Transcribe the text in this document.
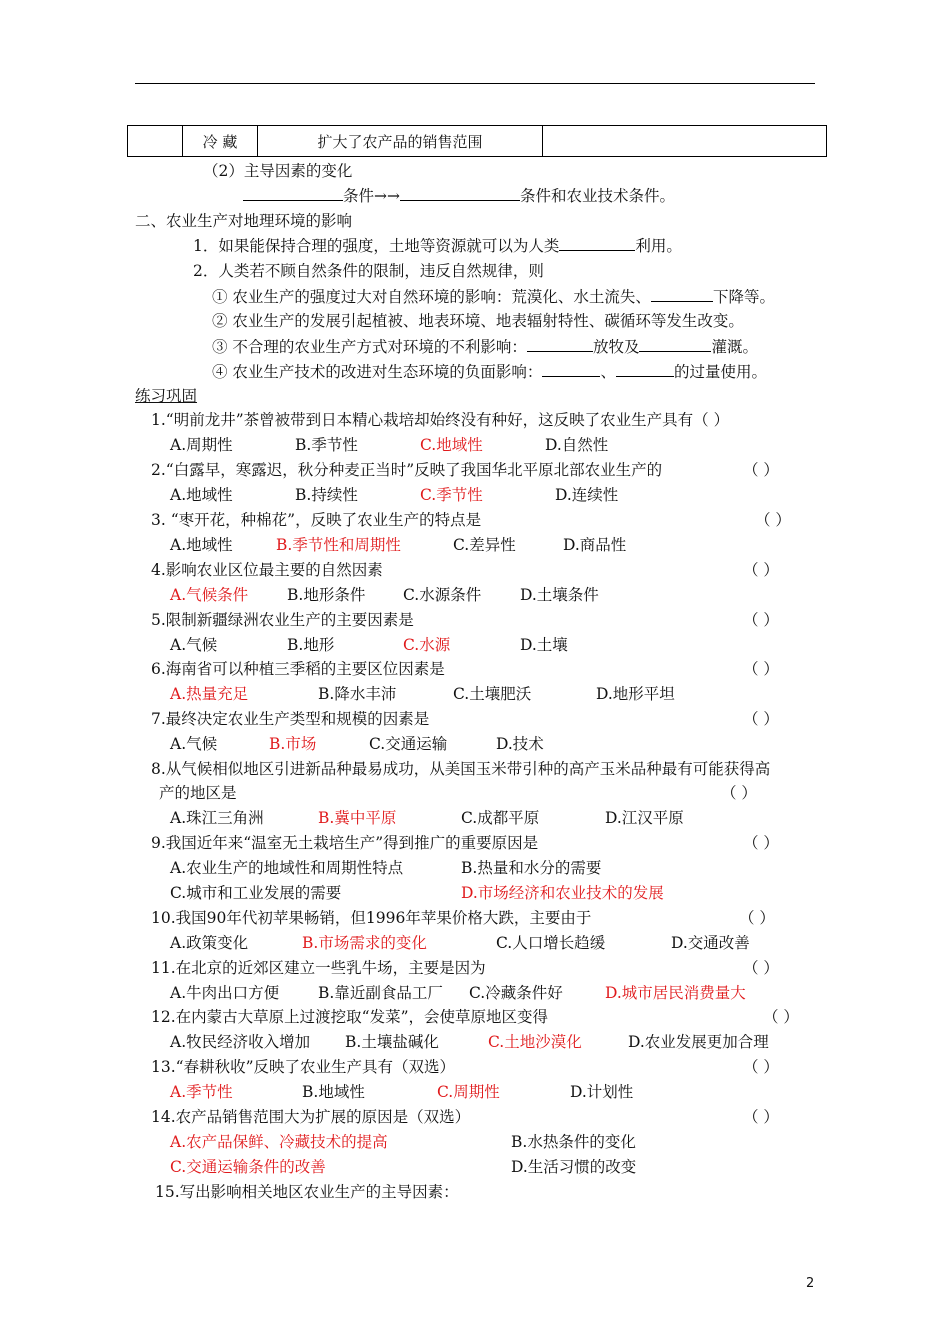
	冷 藏	扩大了农产品的销售范围	
（2）主导因素的变化
条件→→	条件和农业技术条件。
二、农业生产对地理环境的影响
1．如果能保持合理的强度，土地等资源就可以为人类	利用。
2．人类若不顾自然条件的限制，违反自然规律，则
① 农业生产的强度过大对自然环境的影响：荒漠化、水土流失、	下降等。
② 农业生产的发展引起植被、地表环境、地表辐射特性、碳循环等发生改变。
③ 不合理的农业生产方式对环境的不利影响：	放牧及	灌溉。
④ 农业生产技术的改进对生态环境的负面影响：	、	的过量使用。
练习巩固
1.“明前龙井”茶曾被带到日本精心栽培却始终没有种好，这反映了农业生产具有（ ）
A.周期性	B.季节性	C.地域性	D.自然性
2.“白露早，寒露迟，秋分种麦正当时”反映了我国华北平原北部农业生产的	（ ）
A.地域性	B.持续性	C.季节性	D.连续性
3. “枣开花，种棉花”，反映了农业生产的特点是	（ ）
A.地域性	B.季节性和周期性	C.差异性	D.商品性
4.影响农业区位最主要的自然因素	（ ）
A.气候条件	B.地形条件 C.水源条件	D.土壤条件
5.限制新疆绿洲农业生产的主要因素是	（ ）
A.气候	B.地形	C.水源	D.土壤
6.海南省可以种植三季稻的主要区位因素是	（ ）
A.热量充足	B.降水丰沛	C.土壤肥沃	D.地形平坦
7.最终决定农业生产类型和规模的因素是	（ ）
A.气候	B.市场	C.交通运输	D.技术
8.从气候相似地区引进新品种最易成功，从美国玉米带引种的高产玉米品种最有可能获得高
产的地区是	（ ）
A.珠江三角洲	B.冀中平原	C.成都平原	D.江汉平原
9.我国近年来“温室无土栽培生产”得到推广的重要原因是	（ ）
A.农业生产的地域性和周期性特点	B.热量和水分的需要
C.城市和工业发展的需要	D.市场经济和农业技术的发展
10.我国90年代初苹果畅销，但1996年苹果价格大跌，主要由于	（ ）
A.政策变化	B.市场需求的变化	C.人口增长趋缓	D.交通改善
11.在北京的近郊区建立一些乳牛场，主要是因为	（ ）
A.牛肉出口方便	B.靠近副食品工厂 C.冷藏条件好	D.城市居民消费量大
12.在内蒙古大草原上过渡挖取“发菜”，会使草原地区变得	（ ）
A.牧民经济收入增加 B.土壤盐碱化	C.土地沙漠化	D.农业发展更加合理
13.“春耕秋收”反映了农业生产具有（双选）	（ ）
A.季节性	B.地域性	C.周期性	D.计划性
14.农产品销售范围大为扩展的原因是（双选）	（ ）
A.农产品保鲜、冷藏技术的提高	B.水热条件的变化
C.交通运输条件的改善	D.生活习惯的改变
15.写出影响相关地区农业生产的主导因素：
2
